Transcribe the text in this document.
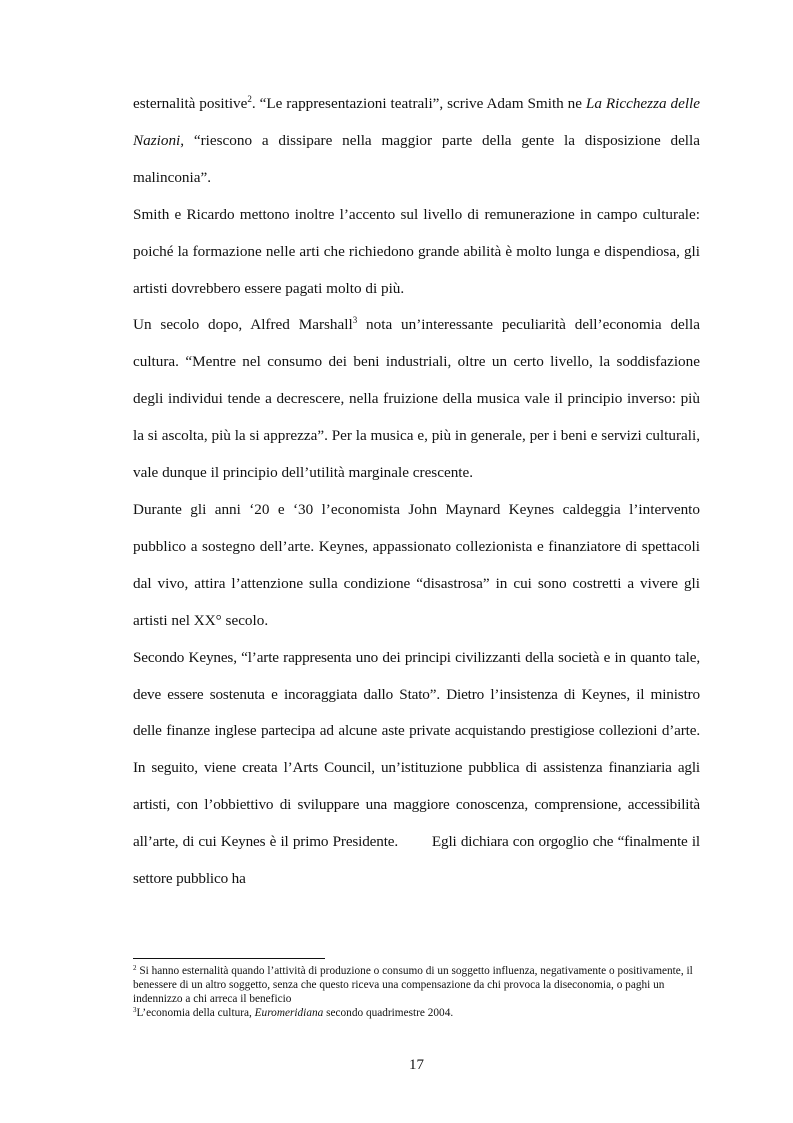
esternalità positive$^2$. “Le rappresentazioni teatrali”, scrive Adam Smith ne La Ricchezza delle Nazioni, “riescono a dissipare nella maggior parte della gente la disposizione della malinconia”.

Smith e Ricardo mettono inoltre l’accento sul livello di remunerazione in campo culturale: poiché la formazione nelle arti che richiedono grande abilità è molto lunga e dispendiosa, gli artisti dovrebbero essere pagati molto di più.

Un secolo dopo, Alfred Marshall$^3$ nota un’interessante peculiarità dell’economia della cultura. “Mentre nel consumo dei beni industriali, oltre un certo livello, la soddisfazione degli individui tende a decrescere, nella fruizione della musica vale il principio inverso: più la si ascolta, più la si apprezza”. Per la musica e, più in generale, per i beni e servizi culturali, vale dunque il principio dell’utilità marginale crescente.

Durante gli anni ‘20 e ‘30 l’economista John Maynard Keynes caldeggia l’intervento pubblico a sostegno dell’arte. Keynes, appassionato collezionista e finanziatore di spettacoli dal vivo, attira l’attenzione sulla condizione “disastrosa” in cui sono costretti a vivere gli artisti nel XX° secolo.

Secondo Keynes, “l’arte rappresenta uno dei principi civilizzanti della società e in quanto tale, deve essere sostenuta e incoraggiata dallo Stato”. Dietro l’insistenza di Keynes, il ministro delle finanze inglese partecipa ad alcune aste private acquistando prestigiose collezioni d’arte. In seguito, viene creata l’Arts Council, un’istituzione pubblica di assistenza finanziaria agli artisti, con l’obbiettivo di sviluppare una maggiore conoscenza, comprensione, accessibilità all’arte, di cui Keynes è il primo Presidente.        Egli dichiara con orgoglio che “finalmente il settore pubblico ha

$^2$ Si hanno esternalità quando l’attività di produzione o consumo di un soggetto influenza, negativamente o positivamente, il benessere di un altro soggetto, senza che questo riceva una compensazione da chi provoca la diseconomia, o paghi un indennizzo a chi arreca il beneficio

$^3$L’economia della cultura, Euromeridiana secondo quadrimestre 2004.

17
